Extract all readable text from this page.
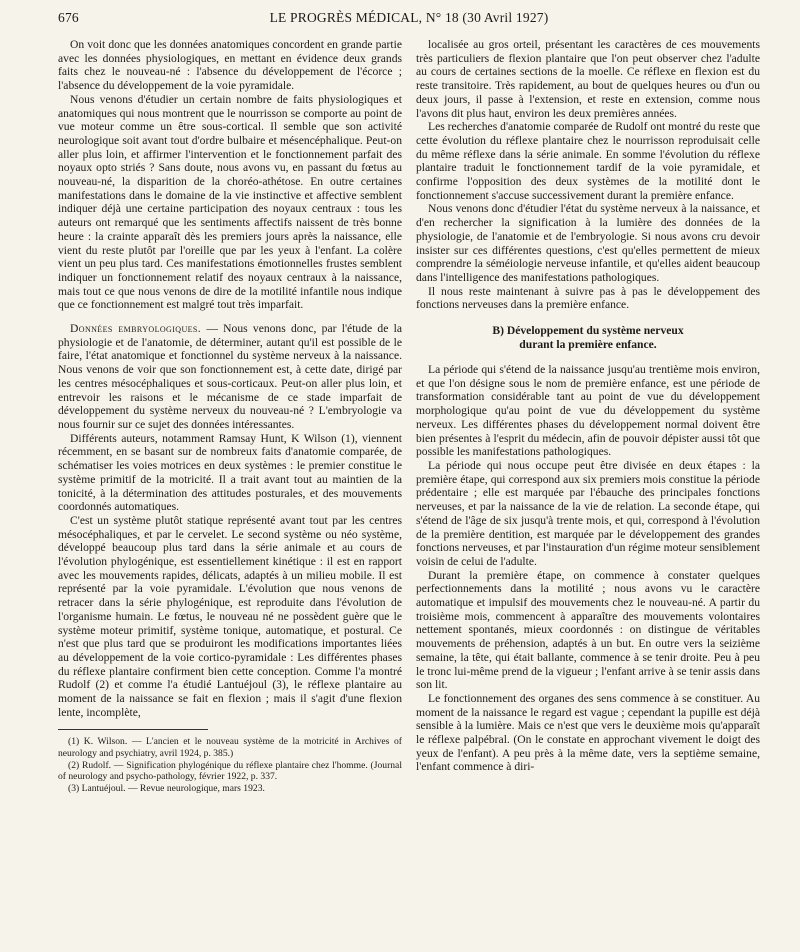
676	LE PROGRÈS MÉDICAL, N° 18 (30 Avril 1927)

On voit donc que les données anatomiques concordent en grande partie avec les données physiologiques, en mettant en évidence deux grands faits chez le nouveau-né : l'absence du développement de l'écorce ; l'absence du développement de la voie pyramidale.

Nous venons d'étudier un certain nombre de faits physiologiques et anatomiques qui nous montrent que le nourrisson se comporte au point de vue moteur comme un être sous-cortical. Il semble que son activité neurologique soit avant tout d'ordre bulbaire et mésencéphalique. Peut-on aller plus loin, et affirmer l'intervention et le fonctionnement parfait des noyaux opto striés ? Sans doute, nous avons vu, en passant du fœtus au nouveau-né, la disparition de la choréo-athétose. En outre certaines manifestations dans le domaine de la vie instinctive et affective semblent indiquer déjà une certaine participation des noyaux centraux : tous les auteurs ont remarqué que les sentiments affectifs naissent de très bonne heure : la crainte apparaît dès les premiers jours après la naissance, elle vient du reste plutôt par l'oreille que par les yeux à l'enfant. La colère vient un peu plus tard. Ces manifestations émotionnelles frustes semblent indiquer un fonctionnement relatif des noyaux centraux à la naissance, mais tout ce que nous venons de dire de la motilité infantile nous indique que ce fonctionnement est malgré tout très imparfait.

Données embryologiques. — Nous venons donc, par l'étude de la physiologie et de l'anatomie, de déterminer, autant qu'il est possible de le faire, l'état anatomique et fonctionnel du système nerveux à la naissance. Nous venons de voir que son fonctionnement est, à cette date, dirigé par les centres mésocéphaliques et sous-corticaux. Peut-on aller plus loin, et entrevoir les raisons et le mécanisme de ce stade imparfait de développement du système nerveux du nouveau-né ? L'embryologie va nous fournir sur ce sujet des données intéressantes.

Différents auteurs, notamment Ramsay Hunt, K Wilson (1), viennent récemment, en se basant sur de nombreux faits d'anatomie comparée, de schématiser les voies motrices en deux systèmes : le premier constitue le système primitif de la motricité. Il a trait avant tout au maintien de la tonicité, à la détermination des attitudes posturales, et des mouvements coordonnés automatiques.

C'est un système plutôt statique représenté avant tout par les centres mésocéphaliques, et par le cervelet. Le second système ou néo système, développé beaucoup plus tard dans la série animale et au cours de l'évolution phylogénique, est essentiellement kinétique : il est en rapport avec les mouvements rapides, délicats, adaptés à un milieu mobile. Il est représenté par la voie pyramidale. L'évolution que nous venons de retracer dans la série phylogénique, est reproduite dans l'évolution de l'organisme humain. Le fœtus, le nouveau né ne possèdent guère que le système moteur primitif, système tonique, automatique, et postural. Ce n'est que plus tard que se produiront les modifications importantes liées au développement de la voie cortico-pyramidale : Les différentes phases du réflexe plantaire confirment bien cette conception. Comme l'a montré Rudolf (2) et comme l'a étudié Lantuéjoul (3), le réflexe plantaire au moment de la naissance se fait en flexion ; mais il s'agit d'une flexion lente, incomplète,

(1) K. Wilson. — L'ancien et le nouveau système de la motricité in Archives of neurology and psychiatry, avril 1924, p. 385.)

(2) Rudolf. — Signification phylogénique du réflexe plantaire chez l'homme. (Journal of neurology and psycho-pathology, février 1922, p. 337.

(3) Lantuéjoul. — Revue neurologique, mars 1923.

localisée au gros orteil, présentant les caractères de ces mouvements très particuliers de flexion plantaire que l'on peut observer chez l'adulte au cours de certaines sections de la moelle. Ce réflexe en flexion est du reste transitoire. Très rapidement, au bout de quelques heures ou d'un ou deux jours, il passe à l'extension, et reste en extension, comme nous l'avons dit plus haut, environ les deux premières années.

Les recherches d'anatomie comparée de Rudolf ont montré du reste que cette évolution du réflexe plantaire chez le nourrisson reproduisait celle du même réflexe dans la série animale. En somme l'évolution du réflexe plantaire traduit le fonctionnement tardif de la voie pyramidale, et confirme l'opposition des deux systèmes de la motilité dont le fonctionnement s'accuse successivement durant la première enfance.

Nous venons donc d'étudier l'état du système nerveux à la naissance, et d'en rechercher la signification à la lumière des données de la physiologie, de l'anatomie et de l'embryologie. Si nous avons cru devoir insister sur ces différentes questions, c'est qu'elles permettent de mieux comprendre la séméiologie nerveuse infantile, et qu'elles aident beaucoup dans l'intelligence des manifestations pathologiques.

Il nous reste maintenant à suivre pas à pas le développement des fonctions nerveuses dans la première enfance.

B) Développement du système nerveux
durant la première enfance.

La période qui s'étend de la naissance jusqu'au trentième mois environ, et que l'on désigne sous le nom de première enfance, est une période de transformation considérable tant au point de vue du développement morphologique qu'au point de vue du développement du système nerveux. Les différentes phases du développement normal doivent être bien présentes à l'esprit du médecin, afin de pouvoir dépister aussi tôt que possible les manifestations pathologiques.

La période qui nous occupe peut être divisée en deux étapes : la première étape, qui correspond aux six premiers mois constitue la période prédentaire ; elle est marquée par l'ébauche des principales fonctions nerveuses, et par la naissance de la vie de relation. La seconde étape, qui s'étend de l'âge de six jusqu'à trente mois, et qui, correspond à l'évolution de la première dentition, est marquée par le développement des grandes fonctions nerveuses, et par l'instauration d'un régime moteur sensiblement voisin de celui de l'adulte.

Durant la première étape, on commence à constater quelques perfectionnements dans la motilité ; nous avons vu le caractère automatique et impulsif des mouvements chez le nouveau-né. A partir du troisième mois, commencent à apparaître des mouvements volontaires nettement spontanés, mieux coordonnés : on distingue de véritables mouvements de préhension, adaptés à un but. En outre vers la seizième semaine, la tête, qui était ballante, commence à se tenir droite. Peu à peu le tronc lui-même prend de la vigueur ; l'enfant arrive à se tenir assis dans son lit.

Le fonctionnement des organes des sens commence à se constituer. Au moment de la naissance le regard est vague ; cependant la pupille est déjà sensible à la lumière. Mais ce n'est que vers le deuxième mois qu'apparaît le réflexe palpébral. (On le constate en approchant vivement le doigt des yeux de l'enfant). A peu près à la même date, vers la septième semaine, l'enfant commence à diri-
